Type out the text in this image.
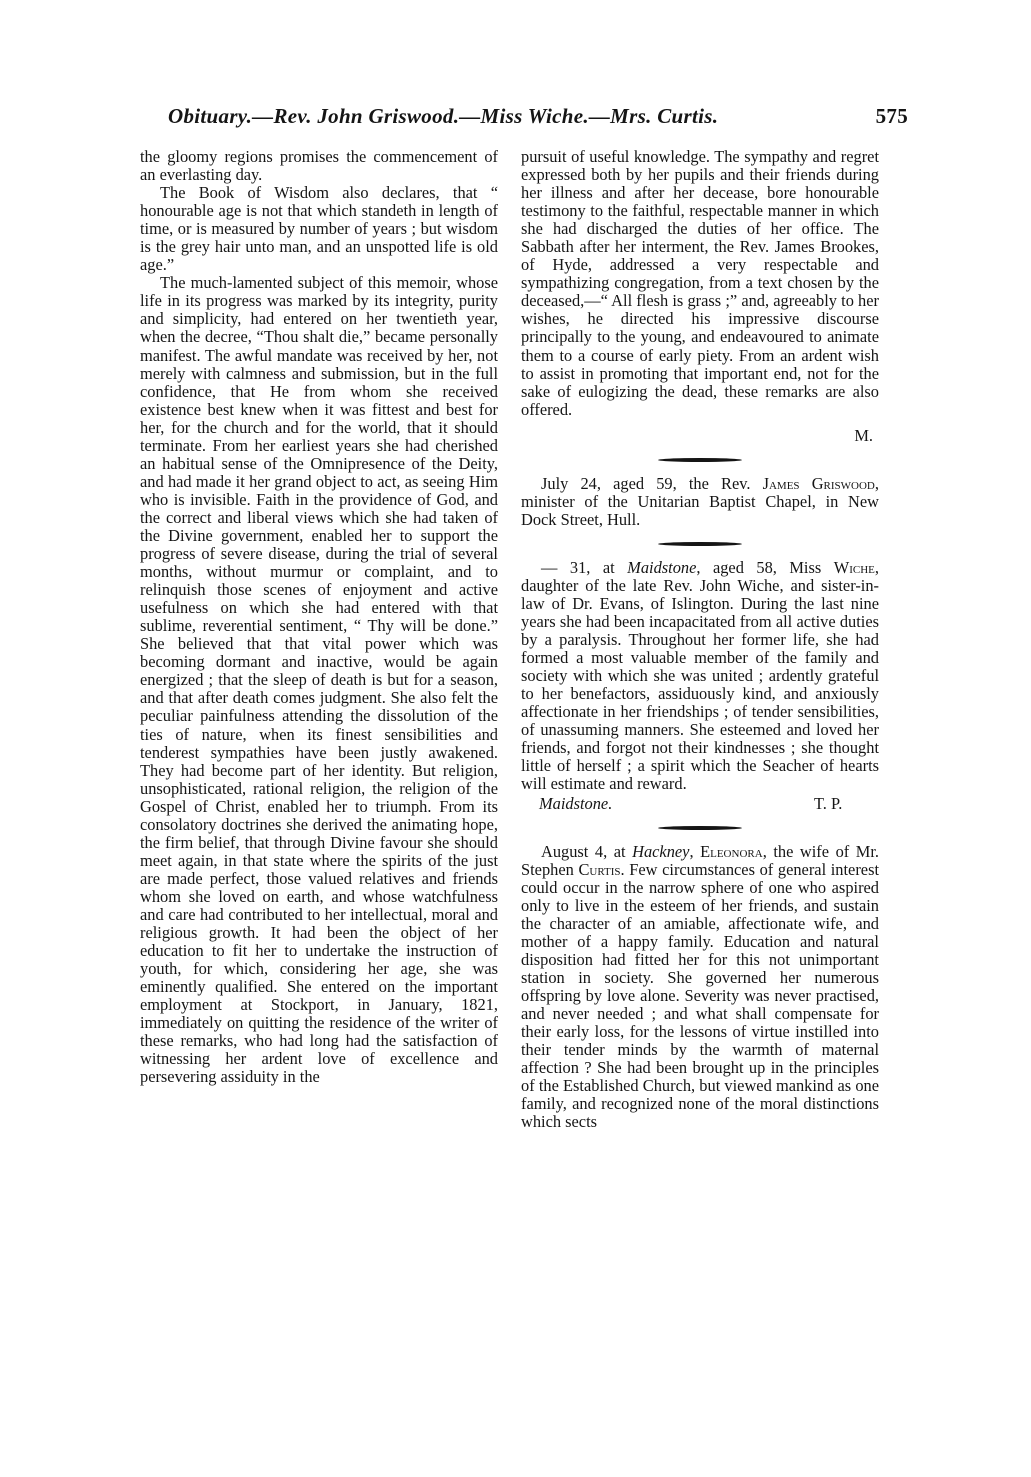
Obituary.—Rev. John Griswood.—Miss Wiche.—Mrs. Curtis.	575

the gloomy regions promises the commencement of an everlasting day.

The Book of Wisdom also declares, that “ honourable age is not that which standeth in length of time, or is measured by number of years ; but wisdom is the grey hair unto man, and an unspotted life is old age.”

The much-lamented subject of this memoir, whose life in its progress was marked by its integrity, purity and simplicity, had entered on her twentieth year, when the decree, “Thou shalt die,” became personally manifest. The awful mandate was received by her, not merely with calmness and submission, but in the full confidence, that He from whom she received existence best knew when it was fittest and best for her, for the church and for the world, that it should terminate. From her earliest years she had cherished an habitual sense of the Omnipresence of the Deity, and had made it her grand object to act, as seeing Him who is invisible. Faith in the providence of God, and the correct and liberal views which she had taken of the Divine government, enabled her to support the progress of severe disease, during the trial of several months, without murmur or complaint, and to relinquish those scenes of enjoyment and active usefulness on which she had entered with that sublime, reverential sentiment, “ Thy will be done.” She believed that that vital power which was becoming dormant and inactive, would be again energized ; that the sleep of death is but for a season, and that after death comes judgment. She also felt the peculiar painfulness attending the dissolution of the ties of nature, when its finest sensibilities and tenderest sympathies have been justly awakened. They had become part of her identity. But religion, unsophisticated, rational religion, the religion of the Gospel of Christ, enabled her to triumph. From its consolatory doctrines she derived the animating hope, the firm belief, that through Divine favour she should meet again, in that state where the spirits of the just are made perfect, those valued relatives and friends whom she loved on earth, and whose watchfulness and care had contributed to her intellectual, moral and religious growth. It had been the object of her education to fit her to undertake the instruction of youth, for which, considering her age, she was eminently qualified. She entered on the important employment at Stockport, in January, 1821, immediately on quitting the residence of the writer of these remarks, who had long had the satisfaction of witnessing her ardent love of excellence and persevering assiduity in the

pursuit of useful knowledge. The sympathy and regret expressed both by her pupils and their friends during her illness and after her decease, bore honourable testimony to the faithful, respectable manner in which she had discharged the duties of her office. The Sabbath after her interment, the Rev. James Brookes, of Hyde, addressed a very respectable and sympathizing congregation, from a text chosen by the deceased,—“ All flesh is grass ;” and, agreeably to her wishes, he directed his impressive discourse principally to the young, and endeavoured to animate them to a course of early piety. From an ardent wish to assist in promoting that important end, not for the sake of eulogizing the dead, these remarks are also offered.

M.

July 24, aged 59, the Rev. James Griswood, minister of the Unitarian Baptist Chapel, in New Dock Street, Hull.

— 31, at Maidstone, aged 58, Miss Wiche, daughter of the late Rev. John Wiche, and sister-in-law of Dr. Evans, of Islington. During the last nine years she had been incapacitated from all active duties by a paralysis. Throughout her former life, she had formed a most valuable member of the family and society with which she was united ; ardently grateful to her benefactors, assiduously kind, and anxiously affectionate in her friendships ; of tender sensibilities, of unassuming manners. She esteemed and loved her friends, and forgot not their kindnesses ; she thought little of herself ; a spirit which the Seacher of hearts will estimate and reward.

Maidstone.	T. P.

August 4, at Hackney, Eleonora, the wife of Mr. Stephen Curtis. Few circumstances of general interest could occur in the narrow sphere of one who aspired only to live in the esteem of her friends, and sustain the character of an amiable, affectionate wife, and mother of a happy family. Education and natural disposition had fitted her for this not unimportant station in society. She governed her numerous offspring by love alone. Severity was never practised, and never needed ; and what shall compensate for their early loss, for the lessons of virtue instilled into their tender minds by the warmth of maternal affection ? She had been brought up in the principles of the Established Church, but viewed mankind as one family, and recognized none of the moral distinctions which sects
